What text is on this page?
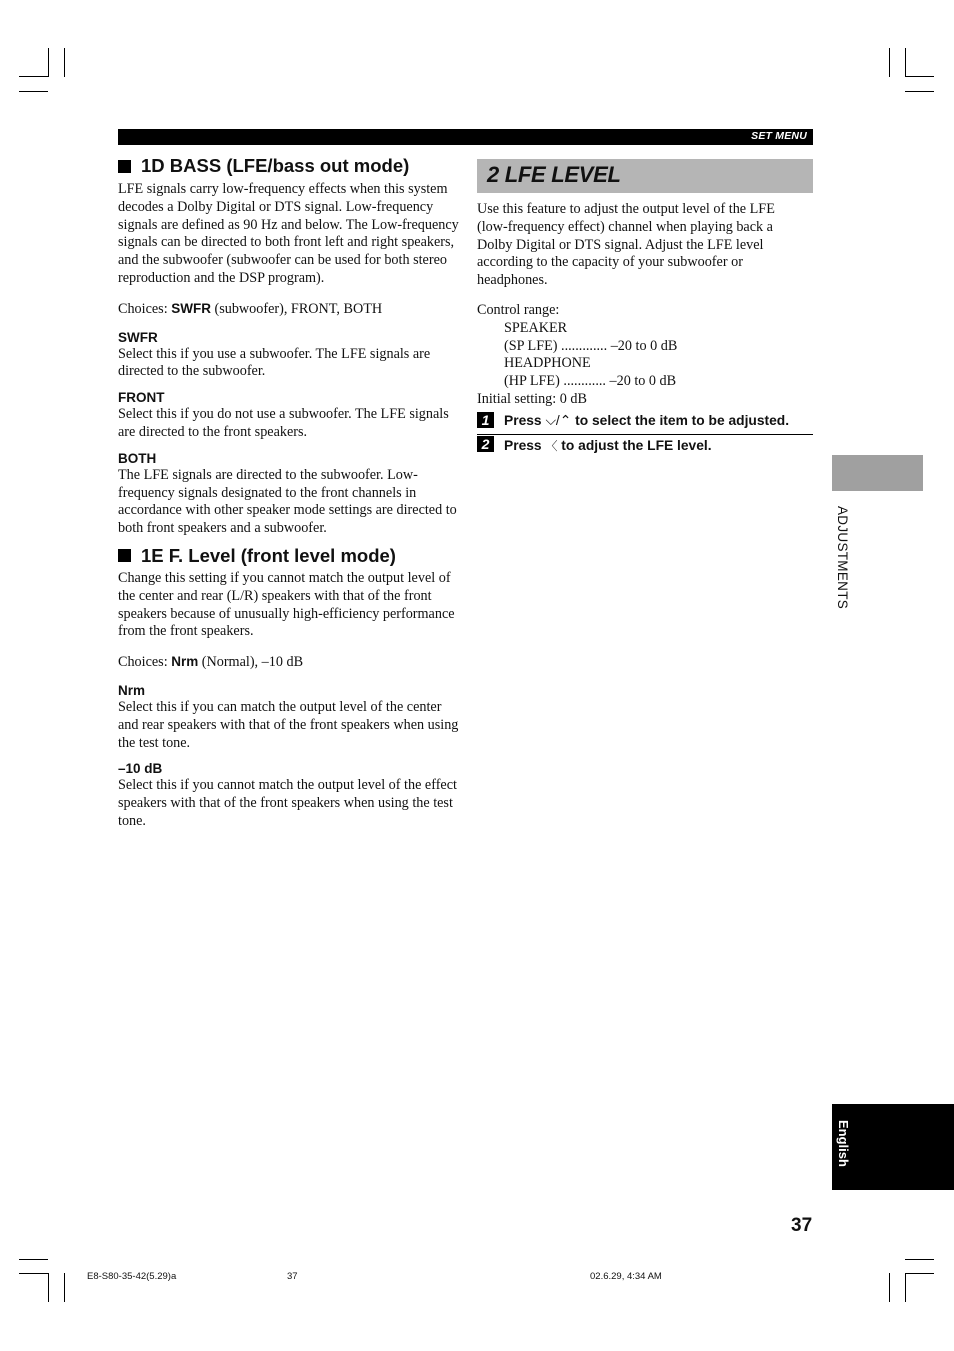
SET MENU
1D BASS (LFE/bass out mode)

LFE signals carry low-frequency effects when this system decodes a Dolby Digital or DTS signal. Low-frequency signals are defined as 90 Hz and below. The Low-frequency signals can be directed to both front left and right speakers, and the subwoofer (subwoofer can be used for both stereo reproduction and the DSP program).

Choices: SWFR (subwoofer), FRONT, BOTH

SWFR

Select this if you use a subwoofer. The LFE signals are directed to the subwoofer.

FRONT

Select this if you do not use a subwoofer. The LFE signals are directed to the front speakers.

BOTH

The LFE signals are directed to the subwoofer. Low-frequency signals designated to the front channels in accordance with other speaker mode settings are directed to both front speakers and a subwoofer.

1E F. Level (front level mode)

Change this setting if you cannot match the output level of the center and rear (L/R) speakers with that of the front speakers because of unusually high-efficiency performance from the front speakers.

Choices: Nrm (Normal), –10 dB

Nrm

Select this if you can match the output level of the center and rear speakers with that of the front speakers when using the test tone.

–10 dB

Select this if you cannot match the output level of the effect speakers with that of the front speakers when using the test tone.

2 LFE LEVEL

Use this feature to adjust the output level of the LFE (low-frequency effect) channel when playing back a Dolby Digital or DTS signal. Adjust the LFE level according to the capacity of your subwoofer or headphones.

Control range:

SPEAKER

(SP LFE) ............. –20 to 0 dB

HEADPHONE

(HP LFE) ............ –20 to 0 dB

Initial setting: 0 dB

1	Press ⌵/⌃ to select the item to be adjusted.
2	Press 〈 to adjust the LFE level.
ADJUSTMENTS
English
37
E8-S80-35-42(5.29)a	37	02.6.29, 4:34 AM
